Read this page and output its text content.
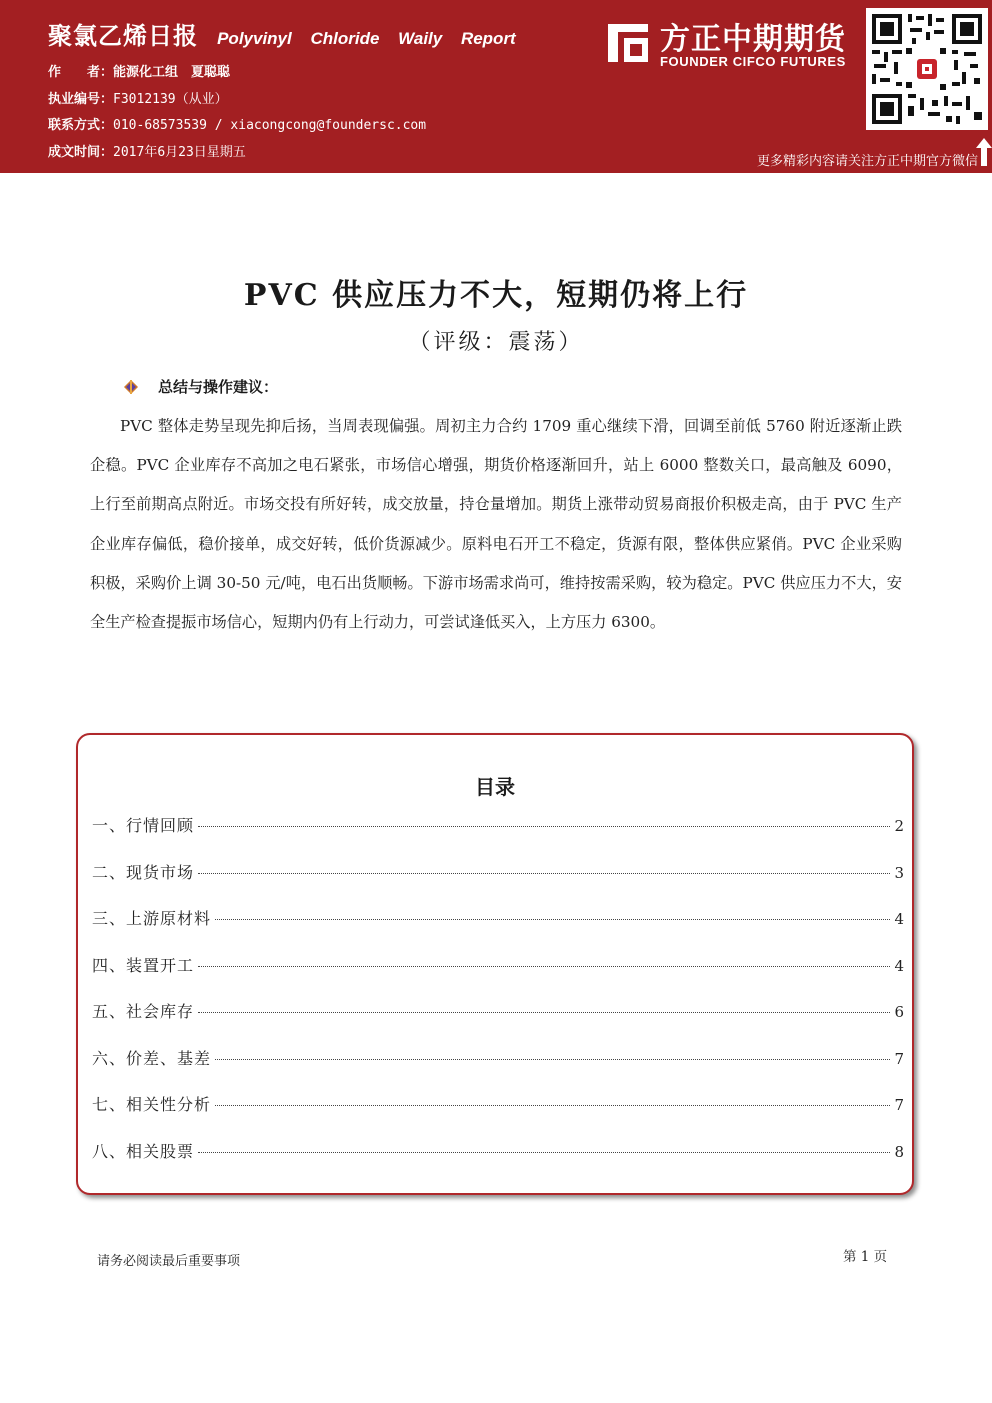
聚氯乙烯日报 Polyvinyl Chloride Waily Report
作　　者：能源化工组　夏聪聪
执业编号：F3012139（从业）
联系方式：010-68573539 / xiacongcong@foundersc.com
成文时间：2017年6月23日星期五
方正中期期货
FOUNDER CIFCO FUTURES
更多精彩内容请关注方正中期官方微信
PVC 供应压力不大，短期仍将上行
（评级：震荡）
总结与操作建议：
PVC 整体走势呈现先抑后扬，当周表现偏强。周初主力合约 1709 重心继续下滑，回调至前低 5760 附近逐渐止跌企稳。PVC 企业库存不高加之电石紧张，市场信心增强，期货价格逐渐回升，站上 6000 整数关口，最高触及 6090，上行至前期高点附近。市场交投有所好转，成交放量，持仓量增加。期货上涨带动贸易商报价积极走高，由于 PVC 生产企业库存偏低，稳价接单，成交好转，低价货源减少。原料电石开工不稳定，货源有限，整体供应紧俏。PVC 企业采购积极，采购价上调 30-50 元/吨，电石出货顺畅。下游市场需求尚可，维持按需采购，较为稳定。PVC 供应压力不大，安全生产检查提振市场信心，短期内仍有上行动力，可尝试逢低买入，上方压力 6300。
目录
一、行情回顾	2
二、现货市场	3
三、上游原材料	4
四、装置开工	4
五、社会库存	6
六、价差、基差	7
七、相关性分析	7
八、相关股票	8
请务必阅读最后重要事项	第 1 页
